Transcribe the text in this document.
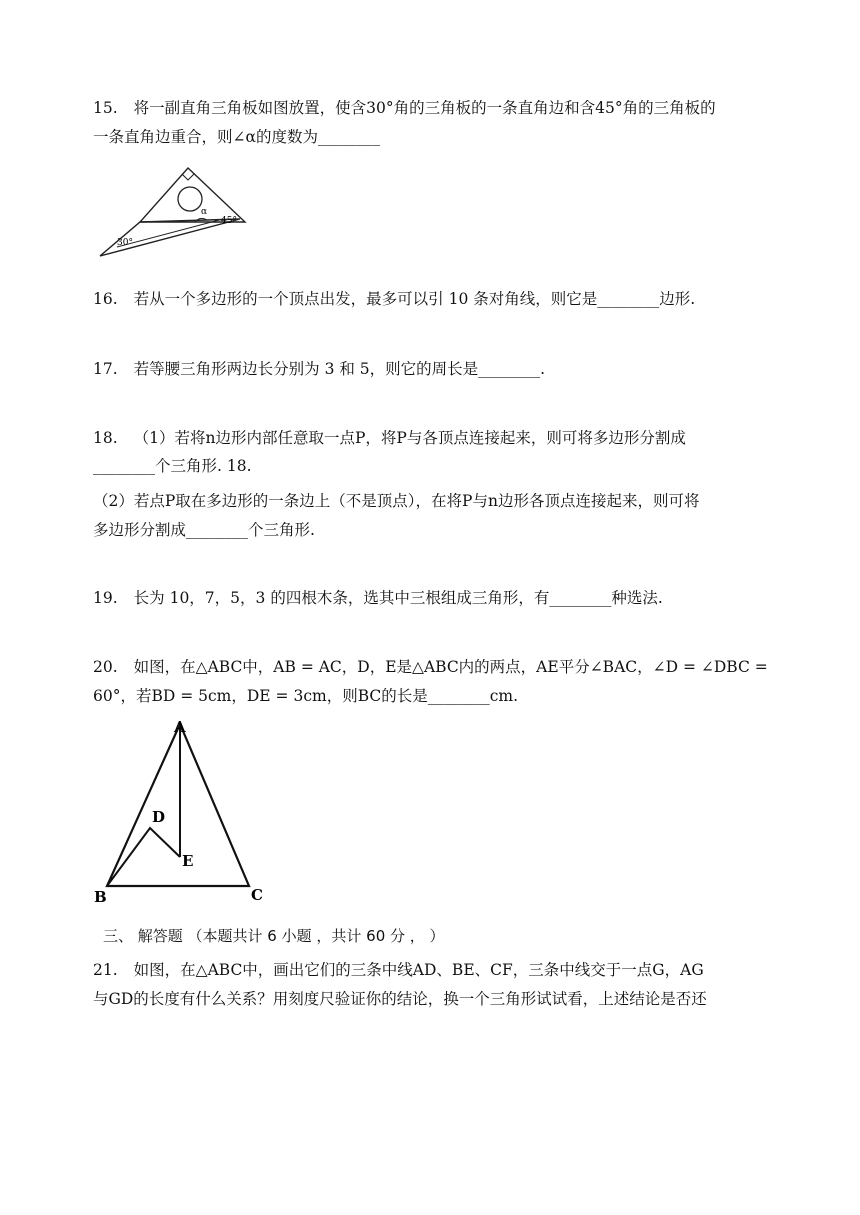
15. 将一副直角三角板如图放置，使含30°角的三角板的一条直角边和含45°角的三角板的
一条直角边重合，则∠α的度数为________
α
45°
30°
16. 若从一个多边形的一个顶点出发，最多可以引 10 条对角线，则它是________边形.
17. 若等腰三角形两边长分别为 3 和 5，则它的周长是________.
18. （1）若将n边形内部任意取一点P，将P与各顶点连接起来，则可将多边形分割成
________个三角形. 18.
（2）若点P取在多边形的一条边上（不是顶点），在将P与n边形各顶点连接起来，则可将
多边形分割成________个三角形.
19. 长为 10，7，5，3 的四根木条，选其中三根组成三角形，有________种选法.
20. 如图，在△ABC中，AB = AC，D，E是△ABC内的两点，AE平分∠BAC，∠D = ∠DBC =
60°，若BD = 5cm，DE = 3cm，则BC的长是________cm.
A
B	C
D
E
三、 解答题 （本题共计 6 小题 ，共计 60 分 ， ）
21. 如图，在△ABC中，画出它们的三条中线AD、BE、CF，三条中线交于一点G，AG
与GD的长度有什么关系？用刻度尺验证你的结论，换一个三角形试试看，上述结论是否还
